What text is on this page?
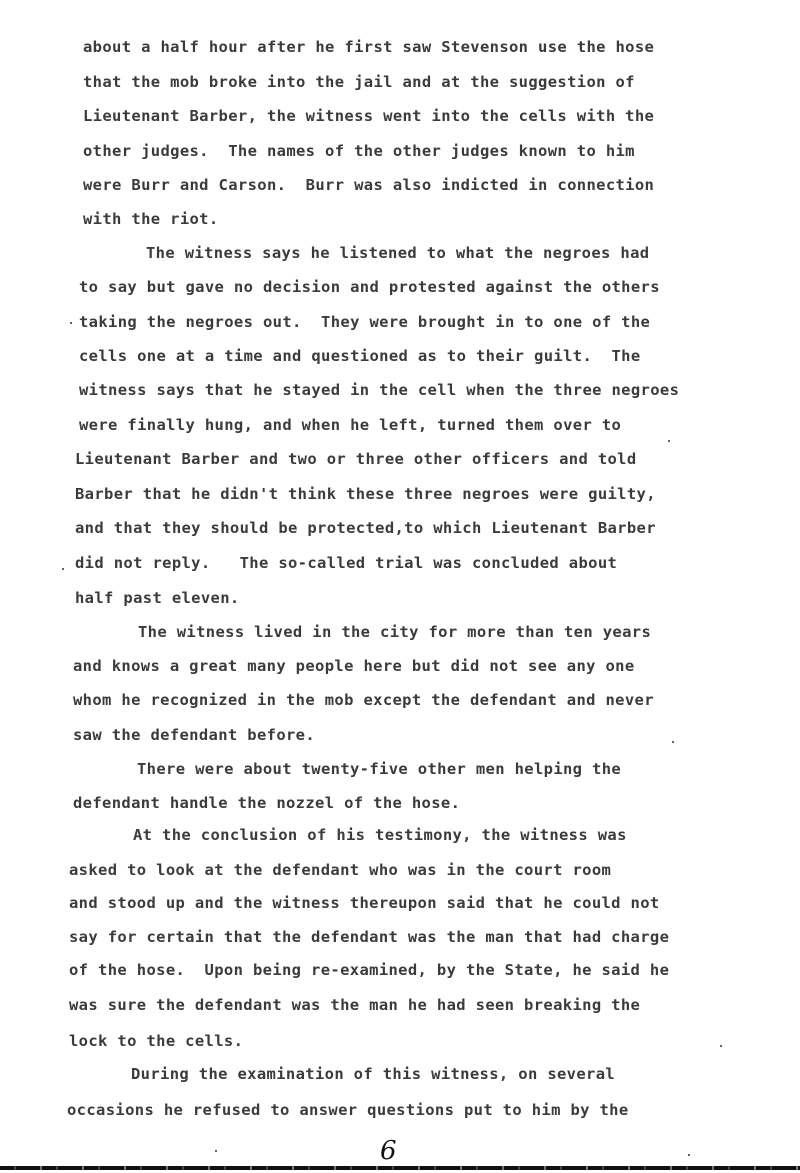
about a half hour after he first saw Stevenson use the hose
that the mob broke into the jail and at the suggestion of
Lieutenant Barber, the witness went into the cells with the
other judges.  The names of the other judges known to him
were Burr and Carson.  Burr was also indicted in connection
with the riot.
The witness says he listened to what the negroes had
to say but gave no decision and protested against the others
taking the negroes out.  They were brought in to one of the
cells one at a time and questioned as to their guilt.  The
witness says that he stayed in the cell when the three negroes
were finally hung, and when he left, turned them over to
Lieutenant Barber and two or three other officers and told
Barber that he didn't think these three negroes were guilty,
and that they should be protected,to which Lieutenant Barber
did not reply.   The so-called trial was concluded about
half past eleven.
The witness lived in the city for more than ten years
and knows a great many people here but did not see any one
whom he recognized in the mob except the defendant and never
saw the defendant before.
There were about twenty-five other men helping the
defendant handle the nozzel of the hose.
At the conclusion of his testimony, the witness was
asked to look at the defendant who was in the court room
and stood up and the witness thereupon said that he could not
say for certain that the defendant was the man that had charge
of the hose.  Upon being re-examined, by the State, he said he
was sure the defendant was the man he had seen breaking the
lock to the cells.
During the examination of this witness, on several
occasions he refused to answer questions put to him by the
6
